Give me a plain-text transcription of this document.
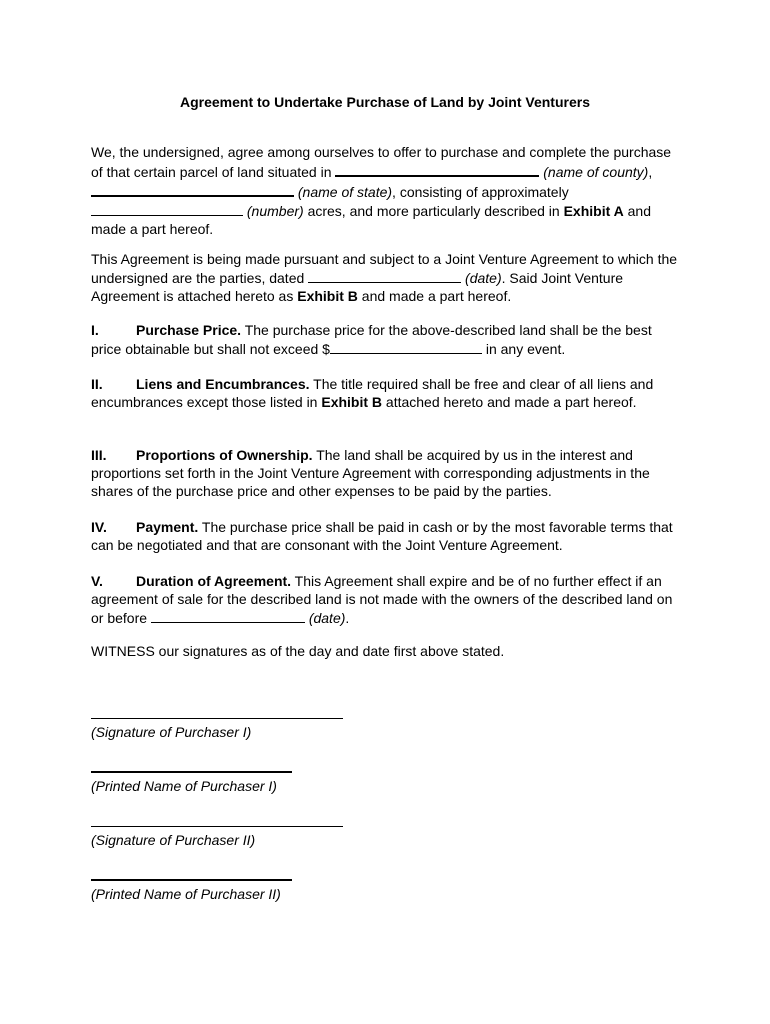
Agreement to Undertake Purchase of Land by Joint Venturers
We, the undersigned, agree among ourselves to offer to purchase and complete the purchase of that certain parcel of land situated in	(name of county),  (name of state), consisting of approximately  (number) acres, and more particularly described in Exhibit A and made a part hereof.
This Agreement is being made pursuant and subject to a Joint Venture Agreement to which the undersigned are the parties, dated	(date). Said Joint Venture Agreement is attached hereto as Exhibit B and made a part hereof.
I.	Purchase Price. The purchase price for the above-described land shall be the best price obtainable but shall not exceed $	in any event.
II. Liens and Encumbrances. The title required shall be free and clear of all liens and encumbrances except those listed in Exhibit B attached hereto and made a part hereof.
III. Proportions of Ownership. The land shall be acquired by us in the interest and proportions set forth in the Joint Venture Agreement with corresponding adjustments in the shares of the purchase price and other expenses to be paid by the parties.
IV. Payment. The purchase price shall be paid in cash or by the most favorable terms that can be negotiated and that are consonant with the Joint Venture Agreement.
V. Duration of Agreement. This Agreement shall expire and be of no further effect if an agreement of sale for the described land is not made with the owners of the described land on or before	(date).
WITNESS our signatures as of the day and date first above stated.
(Signature of Purchaser I)
(Printed Name of Purchaser I)
(Signature of Purchaser II)
(Printed Name of Purchaser II)
